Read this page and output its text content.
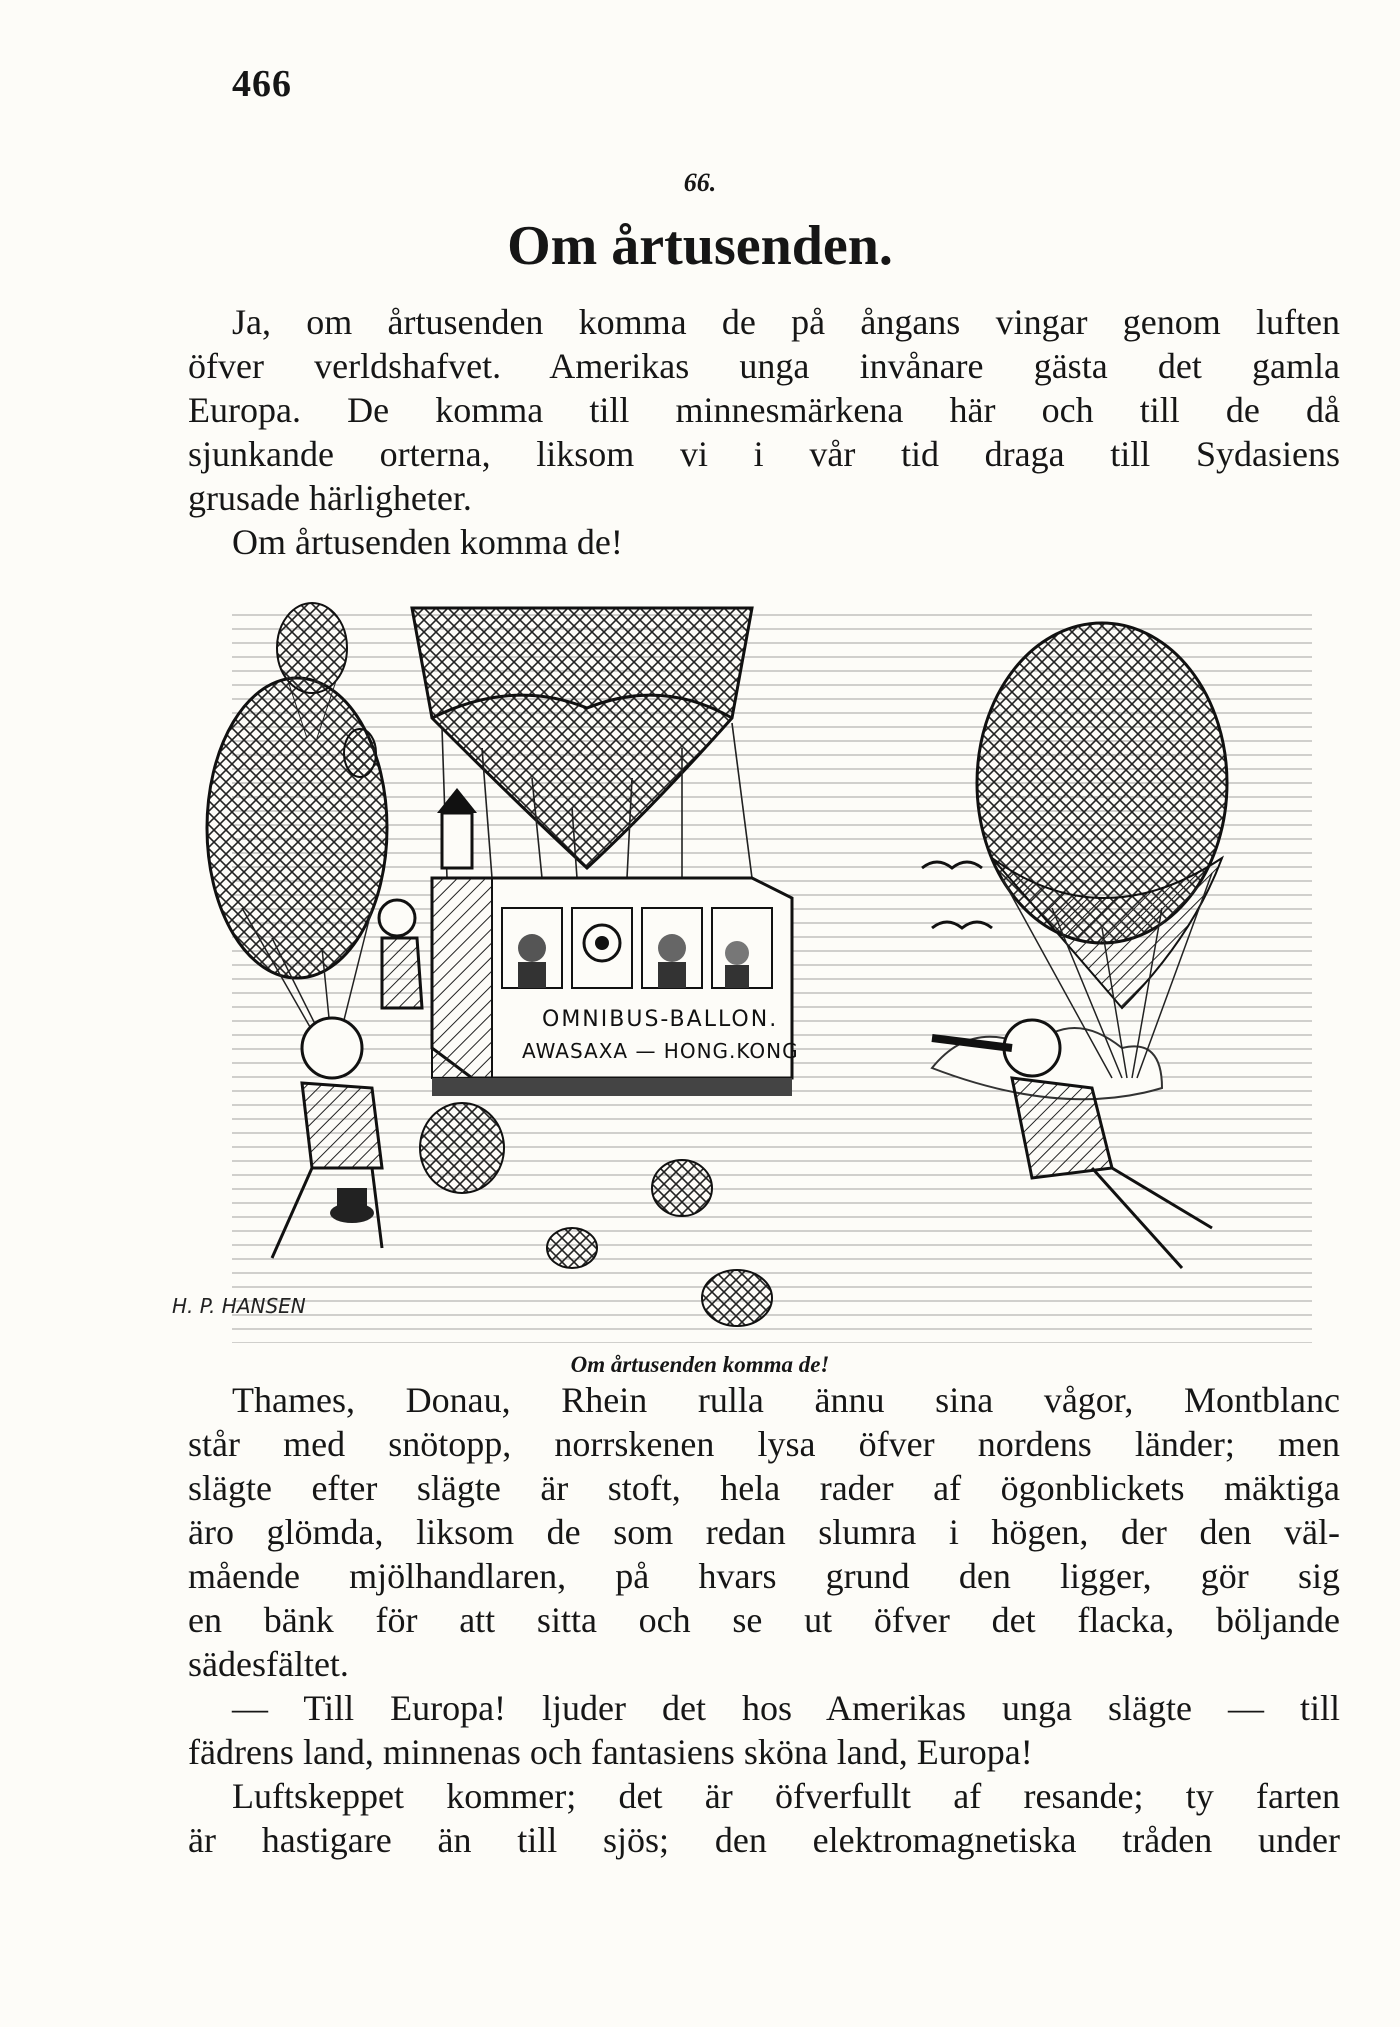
466
66.
Om årtusenden.
Ja, om årtusenden komma de på ångans vingar genom luften
öfver verldshafvet. Amerikas unga invånare gästa det gamla
Europa. De komma till minnesmärkena här och till de då
sjunkande orterna, liksom vi i vår tid draga till Sydasiens
grusade härligheter.
Om årtusenden komma de!
OMNIBUS-BALLON.
AWASAXA — HONG.KONG
H. P. HANSEN
Om årtusenden komma de!
Thames, Donau, Rhein rulla ännu sina vågor, Montblanc
står med snötopp, norrskenen lysa öfver nordens länder; men
slägte efter slägte är stoft, hela rader af ögonblickets mäktiga
äro glömda, liksom de som redan slumra i högen, der den väl-
mående mjölhandlaren, på hvars grund den ligger, gör sig
en bänk för att sitta och se ut öfver det flacka, böljande
sädesfältet.
— Till Europa! ljuder det hos Amerikas unga slägte — till
fädrens land, minnenas och fantasiens sköna land, Europa!
Luftskeppet kommer; det är öfverfullt af resande; ty farten
är hastigare än till sjös; den elektromagnetiska tråden under
